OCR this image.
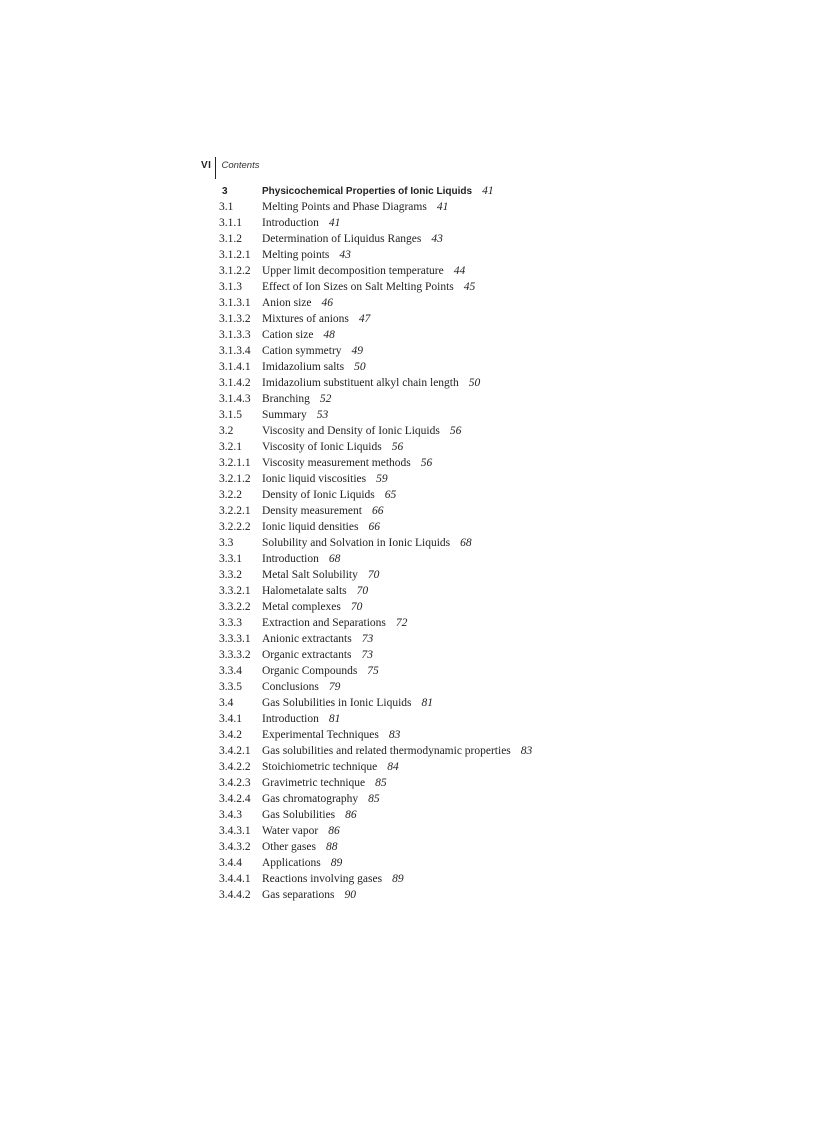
VI Contents
3	Physicochemical Properties of Ionic Liquids 41
3.1	Melting Points and Phase Diagrams 41
3.1.1	Introduction 41
3.1.2	Determination of Liquidus Ranges 43
3.1.2.1 Melting points 43
3.1.2.2 Upper limit decomposition temperature 44
3.1.3	Effect of Ion Sizes on Salt Melting Points 45
3.1.3.1 Anion size 46
3.1.3.2 Mixtures of anions 47
3.1.3.3 Cation size 48
3.1.3.4 Cation symmetry 49
3.1.4.1 Imidazolium salts 50
3.1.4.2 Imidazolium substituent alkyl chain length 50
3.1.4.3 Branching 52
3.1.5	Summary 53
3.2	Viscosity and Density of Ionic Liquids 56
3.2.1	Viscosity of Ionic Liquids 56
3.2.1.1 Viscosity measurement methods 56
3.2.1.2 Ionic liquid viscosities 59
3.2.2	Density of Ionic Liquids 65
3.2.2.1 Density measurement 66
3.2.2.2 Ionic liquid densities 66
3.3	Solubility and Solvation in Ionic Liquids 68
3.3.1	Introduction 68
3.3.2	Metal Salt Solubility 70
3.3.2.1 Halometalate salts 70
3.3.2.2 Metal complexes 70
3.3.3	Extraction and Separations 72
3.3.3.1 Anionic extractants 73
3.3.3.2 Organic extractants 73
3.3.4	Organic Compounds 75
3.3.5	Conclusions 79
3.4	Gas Solubilities in Ionic Liquids 81
3.4.1	Introduction 81
3.4.2	Experimental Techniques 83
3.4.2.1 Gas solubilities and related thermodynamic properties 83
3.4.2.2 Stoichiometric technique 84
3.4.2.3 Gravimetric technique 85
3.4.2.4 Gas chromatography 85
3.4.3	Gas Solubilities 86
3.4.3.1 Water vapor 86
3.4.3.2 Other gases 88
3.4.4	Applications 89
3.4.4.1 Reactions involving gases 89
3.4.4.2 Gas separations 90
